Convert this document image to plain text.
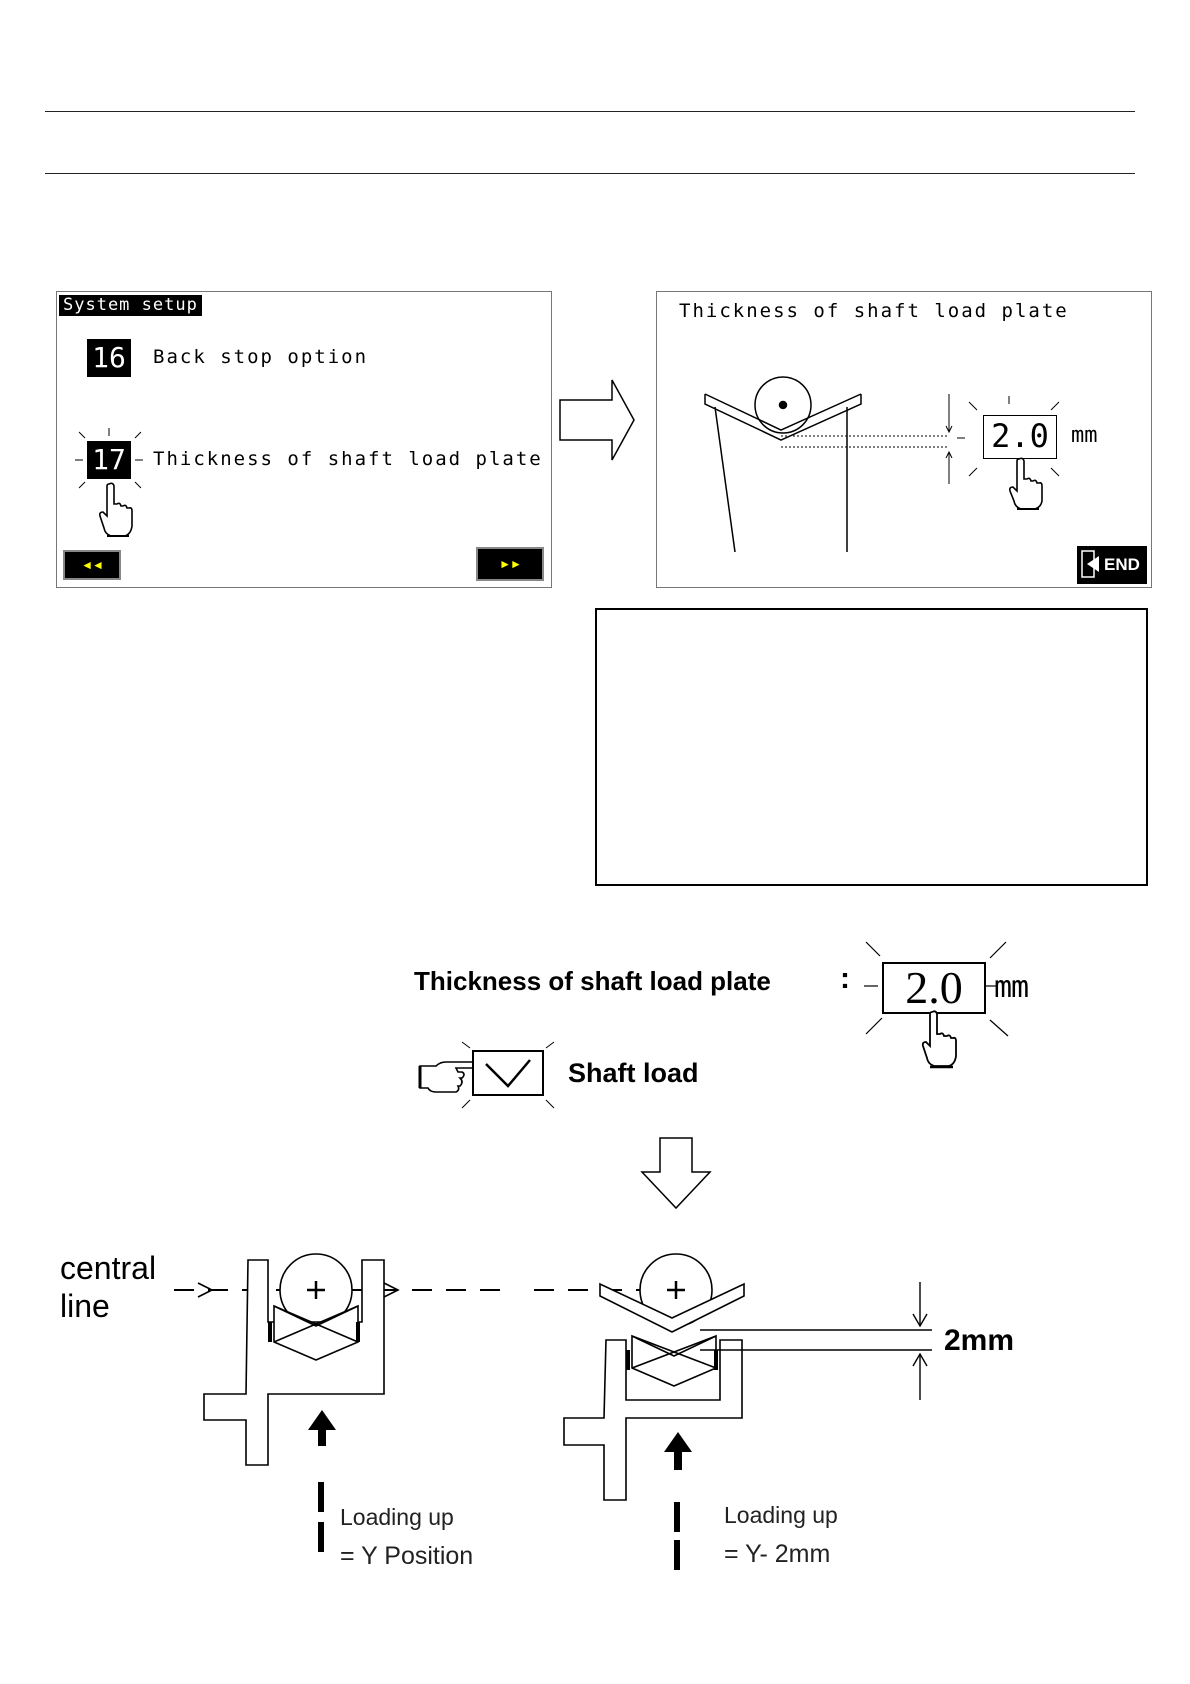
System setup
16 Back stop option
17 Thickness of shaft load plate
◄◄	►►
Thickness of shaft load plate
2.0	mm
END
Thickness of shaft load plate :	2.0	mm
Shaft load
central
line
2mm
Loading up
= Y Position
Loading up
= Y- 2mm
